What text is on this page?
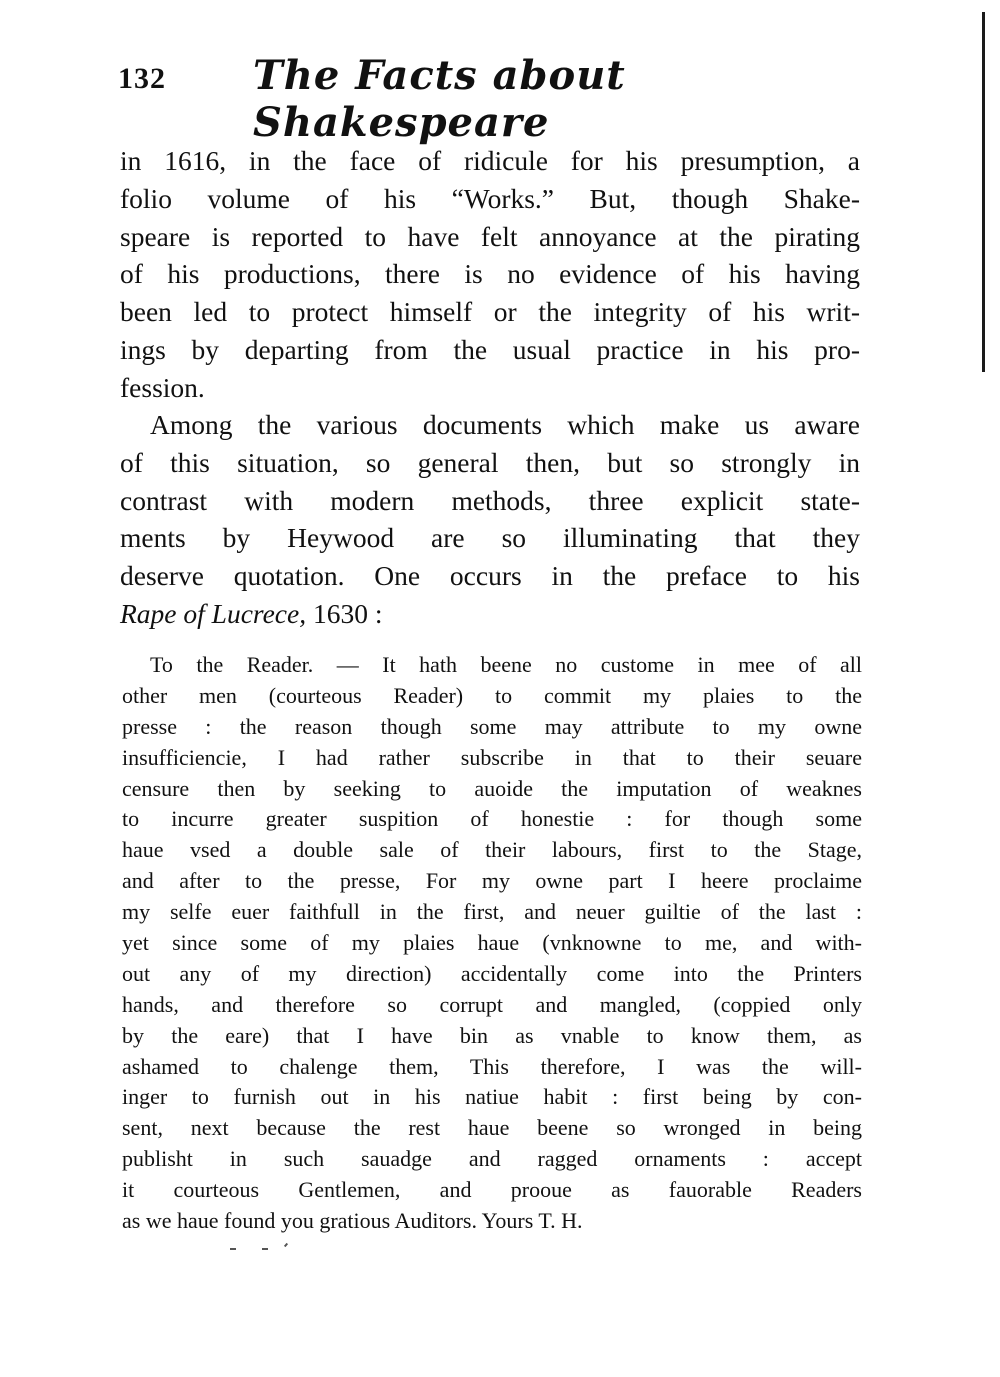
132 The Facts about Shakespeare
in 1616, in the face of ridicule for his presumption, a
folio volume of his “Works.” But, though Shake-
speare is reported to have felt annoyance at the pirating
of his productions, there is no evidence of his having
been led to protect himself or the integrity of his writ-
ings by departing from the usual practice in his pro-
fession.
Among the various documents which make us aware
of this situation, so general then, but so strongly in
contrast with modern methods, three explicit state-
ments by Heywood are so illuminating that they
deserve quotation. One occurs in the preface to his
Rape of Lucrece, 1630 :
To the Reader. — It hath beene no custome in mee of all
other men (courteous Reader) to commit my plaies to the
presse : the reason though some may attribute to my owne
insufficiencie, I had rather subscribe in that to their seuare
censure then by seeking to auoide the imputation of weaknes
to incurre greater suspition of honestie : for though some
haue vsed a double sale of their labours, first to the Stage,
and after to the presse, For my owne part I heere proclaime
my selfe euer faithfull in the first, and neuer guiltie of the last :
yet since some of my plaies haue (vnknowne to me, and with-
out any of my direction) accidentally come into the Printers
hands, and therefore so corrupt and mangled, (coppied only
by the eare) that I have bin as vnable to know them, as
ashamed to chalenge them, This therefore, I was the will-
inger to furnish out in his natiue habit : first being by con-
sent, next because the rest haue beene so wronged in being
publisht in such sauadge and ragged ornaments : accept
it courteous Gentlemen, and prooue as fauorable Readers
as we haue found you gratious Auditors. Yours T. H.
